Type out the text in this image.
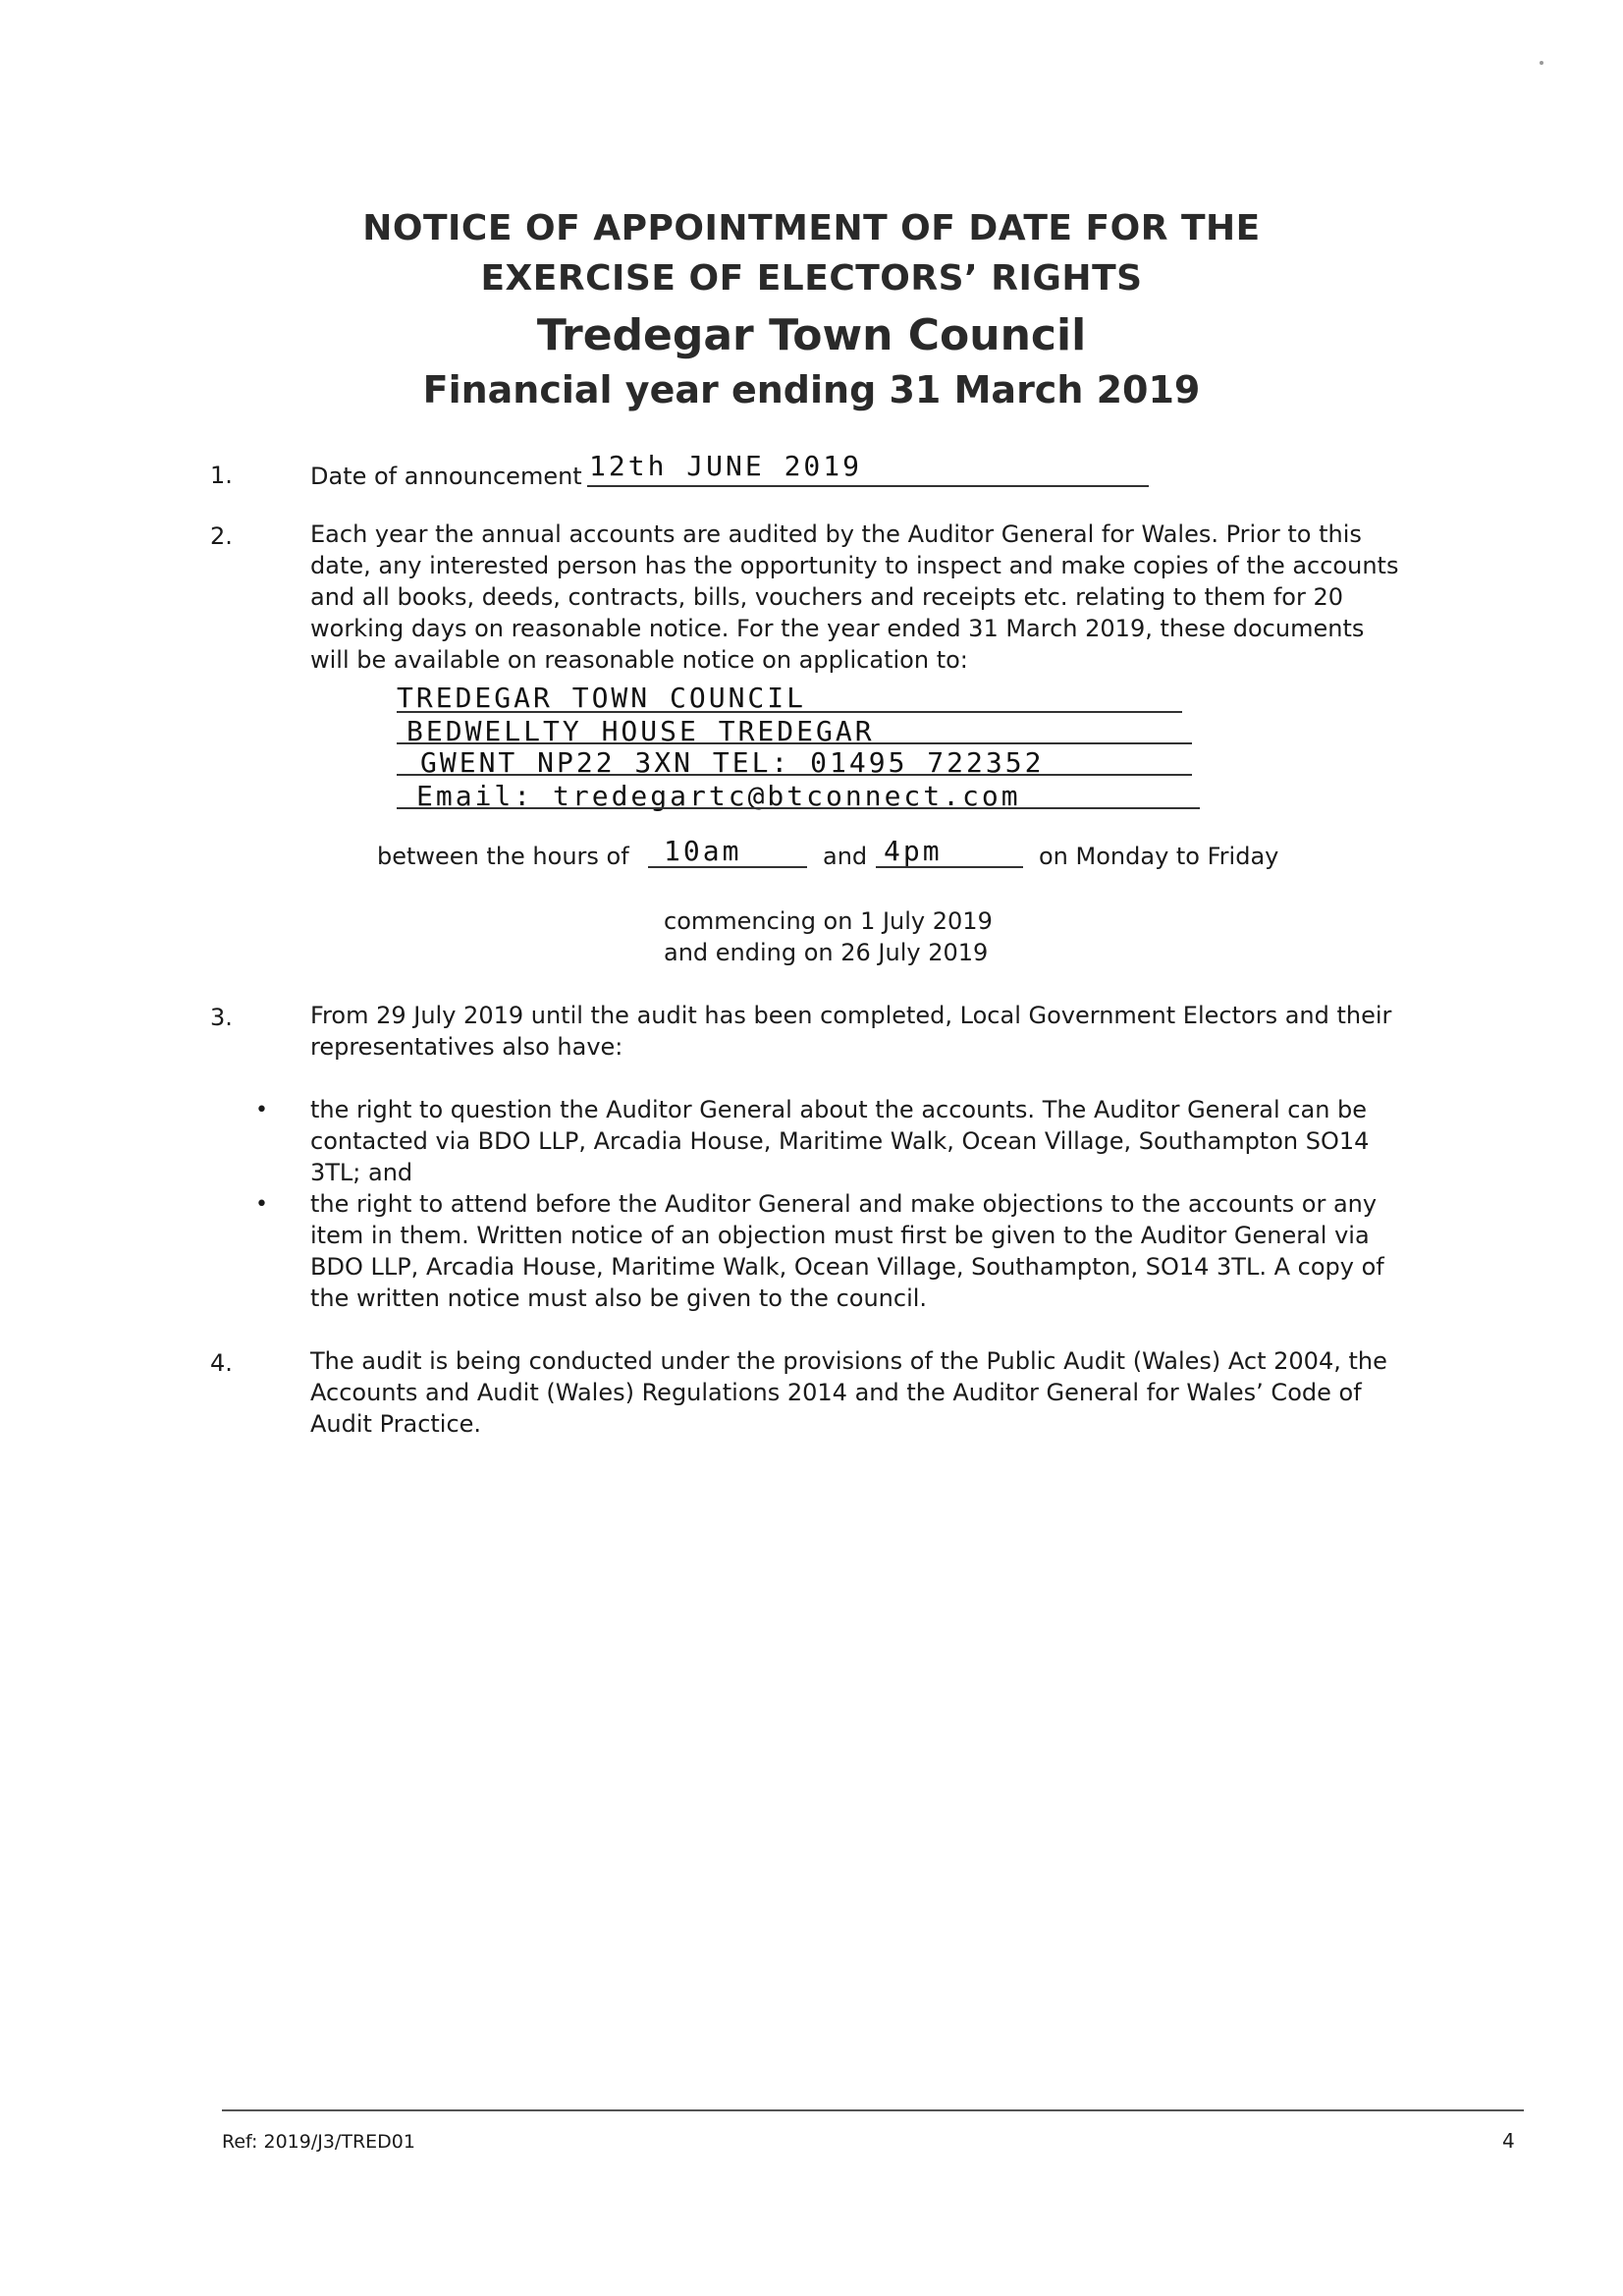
NOTICE OF APPOINTMENT OF DATE FOR THE
EXERCISE OF ELECTORS’ RIGHTS
Tredegar Town Council
Financial year ending 31 March 2019
1.	Date of announcement 12th JUNE 2019
2.	Each year the annual accounts are audited by the Auditor General for Wales. Prior to this
date, any interested person has the opportunity to inspect and make copies of the accounts
and all books, deeds, contracts, bills, vouchers and receipts etc. relating to them for 20
working days on reasonable notice. For the year ended 31 March 2019, these documents
will be available on reasonable notice on application to:
TREDEGAR TOWN COUNCIL
BEDWELLTY HOUSE TREDEGAR
GWENT NP22 3XN TEL: 01495 722352
Email: tredegartc@btconnect.com
between the hours of 10am	and 4pm	on Monday to Friday
commencing on 1 July 2019
and ending on 26 July 2019
3.	From 29 July 2019 until the audit has been completed, Local Government Electors and their
representatives also have:
• the right to question the Auditor General about the accounts. The Auditor General can be
contacted via BDO LLP, Arcadia House, Maritime Walk, Ocean Village, Southampton SO14
3TL; and
• the right to attend before the Auditor General and make objections to the accounts or any
item in them. Written notice of an objection must first be given to the Auditor General via
BDO LLP, Arcadia House, Maritime Walk, Ocean Village, Southampton, SO14 3TL. A copy of
the written notice must also be given to the council.
4.	The audit is being conducted under the provisions of the Public Audit (Wales) Act 2004, the
Accounts and Audit (Wales) Regulations 2014 and the Auditor General for Wales’ Code of
Audit Practice.
Ref: 2019/J3/TRED01	4
